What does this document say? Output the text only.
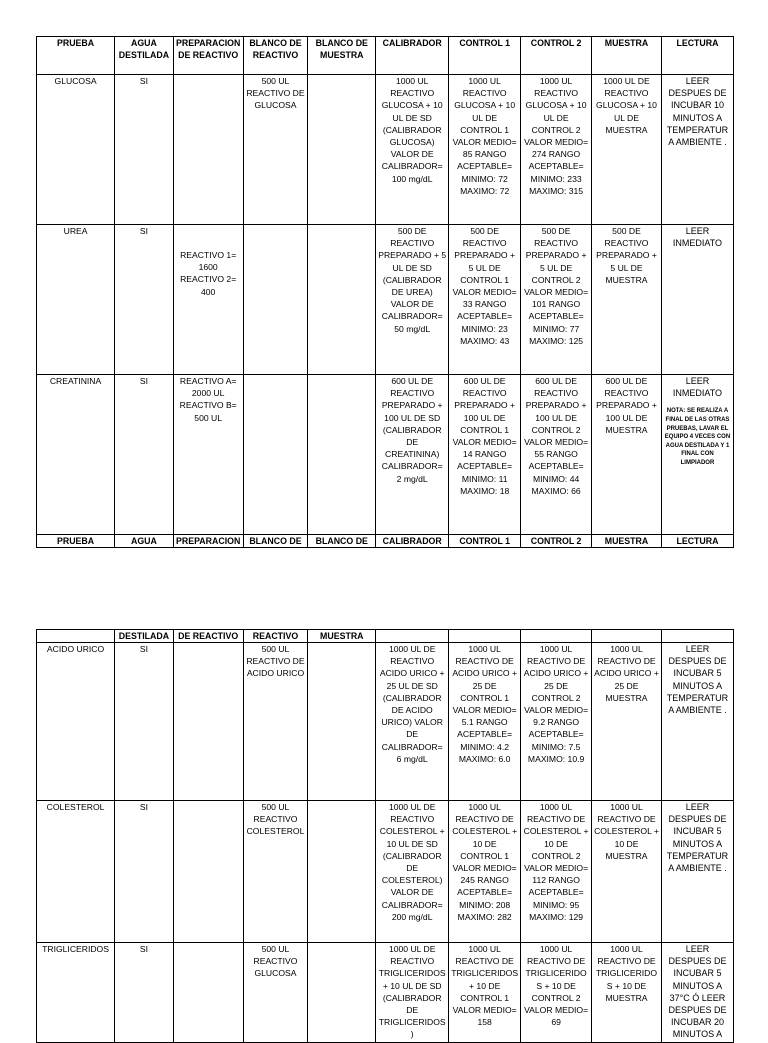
PRUEBA	AGUA DESTILADA	PREPARACION DE REACTIVO	BLANCO DE REACTIVO	BLANCO DE MUESTRA	CALIBRADOR	CONTROL 1	CONTROL 2	MUESTRA	LECTURA
GLUCOSA	SI		500 UL REACTIVO DE GLUCOSA		1000 UL REACTIVO GLUCOSA + 10 UL DE SD (CALIBRADOR GLUCOSA) VALOR DE CALIBRADOR= 100 mg/dL	1000 UL REACTIVO GLUCOSA + 10 UL DE CONTROL 1 VALOR MEDIO= 85 RANGO ACEPTABLE= MINIMO: 72 MAXIMO: 72	1000 UL REACTIVO GLUCOSA + 10 UL DE CONTROL 2 VALOR MEDIO= 274 RANGO ACEPTABLE= MINIMO: 233 MAXIMO: 315	1000 UL DE REACTIVO GLUCOSA + 10 UL DE MUESTRA	LEER DESPUES DE INCUBAR 10 MINUTOS A TEMPERATURA AMBIENTE .
UREA	SI	REACTIVO 1= 1600 REACTIVO 2= 400			500 DE REACTIVO PREPARADO + 5 UL DE SD (CALIBRADOR DE UREA) VALOR DE CALIBRADOR= 50 mg/dL	500 DE REACTIVO PREPARADO + 5 UL DE CONTROL 1 VALOR MEDIO= 33 RANGO ACEPTABLE= MINIMO: 23 MAXIMO: 43	500 DE REACTIVO PREPARADO + 5 UL DE CONTROL 2 VALOR MEDIO= 101 RANGO ACEPTABLE= MINIMO: 77 MAXIMO: 125	500 DE REACTIVO PREPARADO + 5 UL DE MUESTRA	LEER INMEDIATO
CREATININA	SI	REACTIVO A= 2000 UL REACTIVO B= 500 UL			600 UL DE REACTIVO PREPARADO + 100 UL DE SD (CALIBRADOR DE CREATININA) CALIBRADOR= 2 mg/dL	600 UL DE REACTIVO PREPARADO + 100 UL DE CONTROL 1 VALOR MEDIO= 14 RANGO ACEPTABLE= MINIMO: 11 MAXIMO: 18	600 UL DE REACTIVO PREPARADO + 100 UL DE CONTROL 2 VALOR MEDIO= 55 RANGO ACEPTABLE= MINIMO: 44 MAXIMO: 66	600 UL DE REACTIVO PREPARADO + 100 UL DE MUESTRA	LEER INMEDIATO
NOTA: SE REALIZA A FINAL DE LAS OTRAS PRUEBAS, LAVAR EL EQUIPO 4 VECES CON AGUA DESTILADA Y 1 FINAL CON LIMPIADOR

PRUEBA	AGUA	PREPARACION	BLANCO DE	BLANCO DE	CALIBRADOR	CONTROL 1	CONTROL 2	MUESTRA	LECTURA
	DESTILADA	DE REACTIVO	REACTIVO	MUESTRA					
ACIDO URICO	SI		500 UL REACTIVO DE ACIDO URICO		1000 UL DE REACTIVO ACIDO URICO + 25 UL DE SD (CALIBRADOR DE ACIDO URICO) VALOR DE CALIBRADOR= 6 mg/dL	1000 UL REACTIVO DE ACIDO URICO + 25 DE CONTROL 1 VALOR MEDIO= 5.1 RANGO ACEPTABLE= MINIMO: 4.2 MAXIMO: 6.0	1000 UL REACTIVO DE ACIDO URICO + 25 DE CONTROL 2 VALOR MEDIO= 9.2 RANGO ACEPTABLE= MINIMO: 7.5 MAXIMO: 10.9	1000 UL REACTIVO DE ACIDO URICO + 25 DE MUESTRA	LEER DESPUES DE INCUBAR 5 MINUTOS A TEMPERATURA AMBIENTE .
COLESTEROL	SI		500 UL REACTIVO COLESTEROL		1000 UL DE REACTIVO COLESTEROL + 10 UL DE SD (CALIBRADOR DE COLESTEROL) VALOR DE CALIBRADOR= 200 mg/dL	1000 UL REACTIVO DE COLESTEROL + 10 DE CONTROL 1 VALOR MEDIO= 245 RANGO ACEPTABLE= MINIMO: 208 MAXIMO: 282	1000 UL REACTIVO DE COLESTEROL + 10 DE CONTROL 2 VALOR MEDIO= 112 RANGO ACEPTABLE= MINIMO: 95 MAXIMO: 129	1000 UL REACTIVO DE COLESTEROL + 10 DE MUESTRA	LEER DESPUES DE INCUBAR 5 MINUTOS A TEMPERATURA AMBIENTE .
TRIGLICERIDOS	SI		500 UL REACTIVO GLUCOSA		1000 UL DE REACTIVO TRIGLICERIDOS + 10 UL DE SD (CALIBRADOR DE TRIGLICERIDOS)	1000 UL REACTIVO DE TRIGLICERIDOS + 10 DE CONTROL 1 VALOR MEDIO= 158	1000 UL REACTIVO DE TRIGLICERIDO S + 10 DE CONTROL 2 VALOR MEDIO= 69	1000 UL REACTIVO DE TRIGLICERIDOS + 10 DE MUESTRA	LEER DESPUES DE INCUBAR 5 MINUTOS A 37°C Ó LEER DESPUES DE INCUBAR 20 MINUTOS A
